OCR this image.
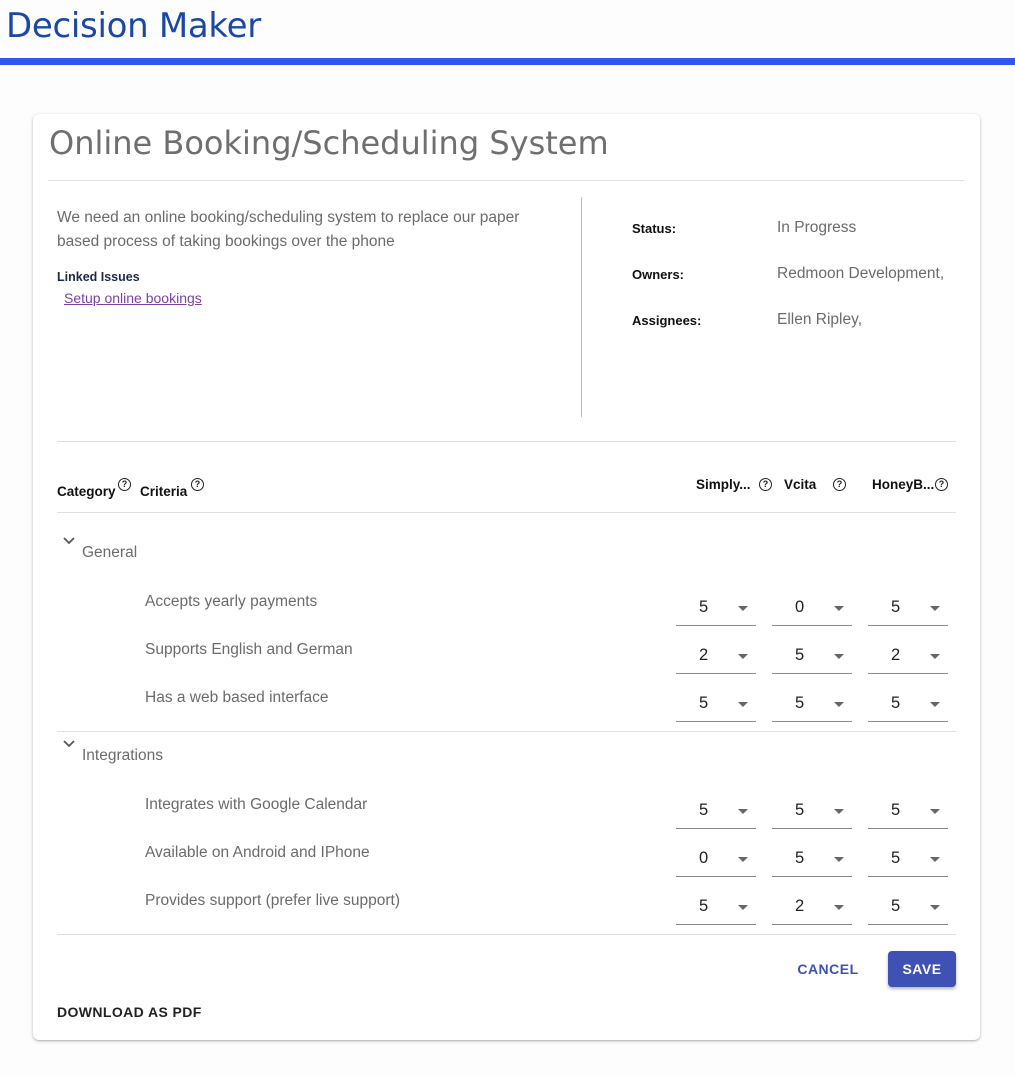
Decision Maker
Online Booking/Scheduling System
We need an online booking/scheduling system to replace our paper based process of taking bookings over the phone
Linked Issues
Setup online bookings
Status:	In Progress
Owners:	Redmoon Development,
Assignees:	Ellen Ripley,
Category ? Criteria ?	Simply...	? Vcita	? HoneyB... ?
General
Accepts yearly payments	5	0	5
Supports English and German	2	5	2
Has a web based interface	5	5	5
Integrations
Integrates with Google Calendar	5	5	5
Available on Android and IPhone	0	5	5
Provides support (prefer live support)	5	2	5
CANCEL	SAVE
DOWNLOAD AS PDF
